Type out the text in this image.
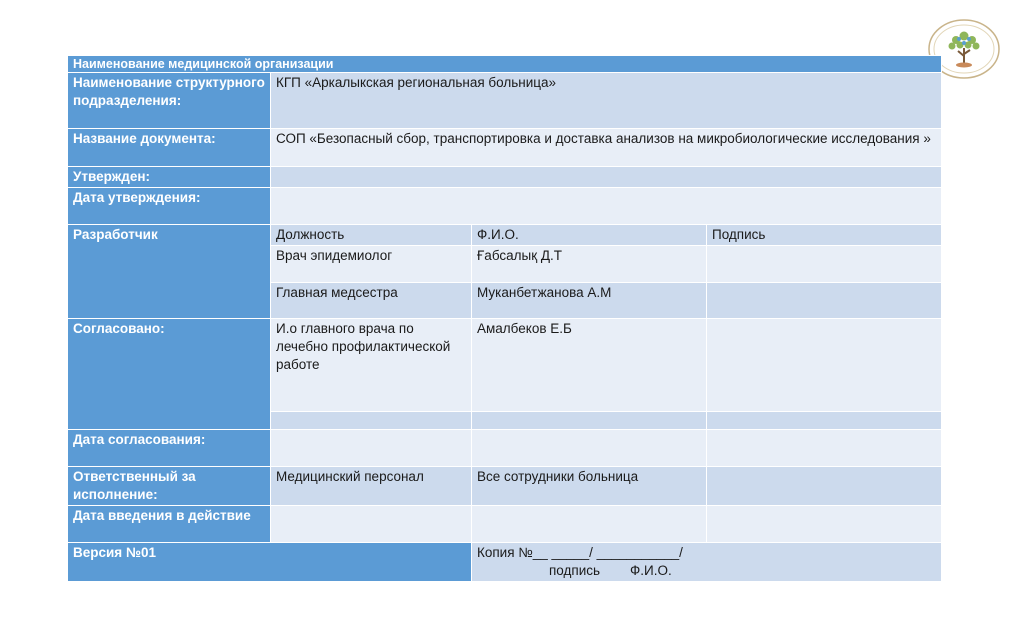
Наименование медицинской организации			
Наименование структурного подразделения:	КГП «Аркалыкская региональная больница»		
Название документа:	СОП «Безопасный сбор, транспортировка и доставка анализов на микробиологические исследования »		
Утвержден:			
Дата утверждения:			
Разработчик	Должность	Ф.И.О.	Подпись
	Врач эпидемиолог	Ғабсалық Д.Т	
	Главная медсестра	Муканбетжанова А.М	
Согласовано:	И.о главного врача по лечебно профилактической работе	Амалбеков Е.Б	

Дата согласования:			
Ответственный за исполнение:	Медицинский персонал	Все сотрудники больница	
Дата введения в действие			
Версия №01		Копия №__ _____/ ___________/
подпись        Ф.И.О.	
